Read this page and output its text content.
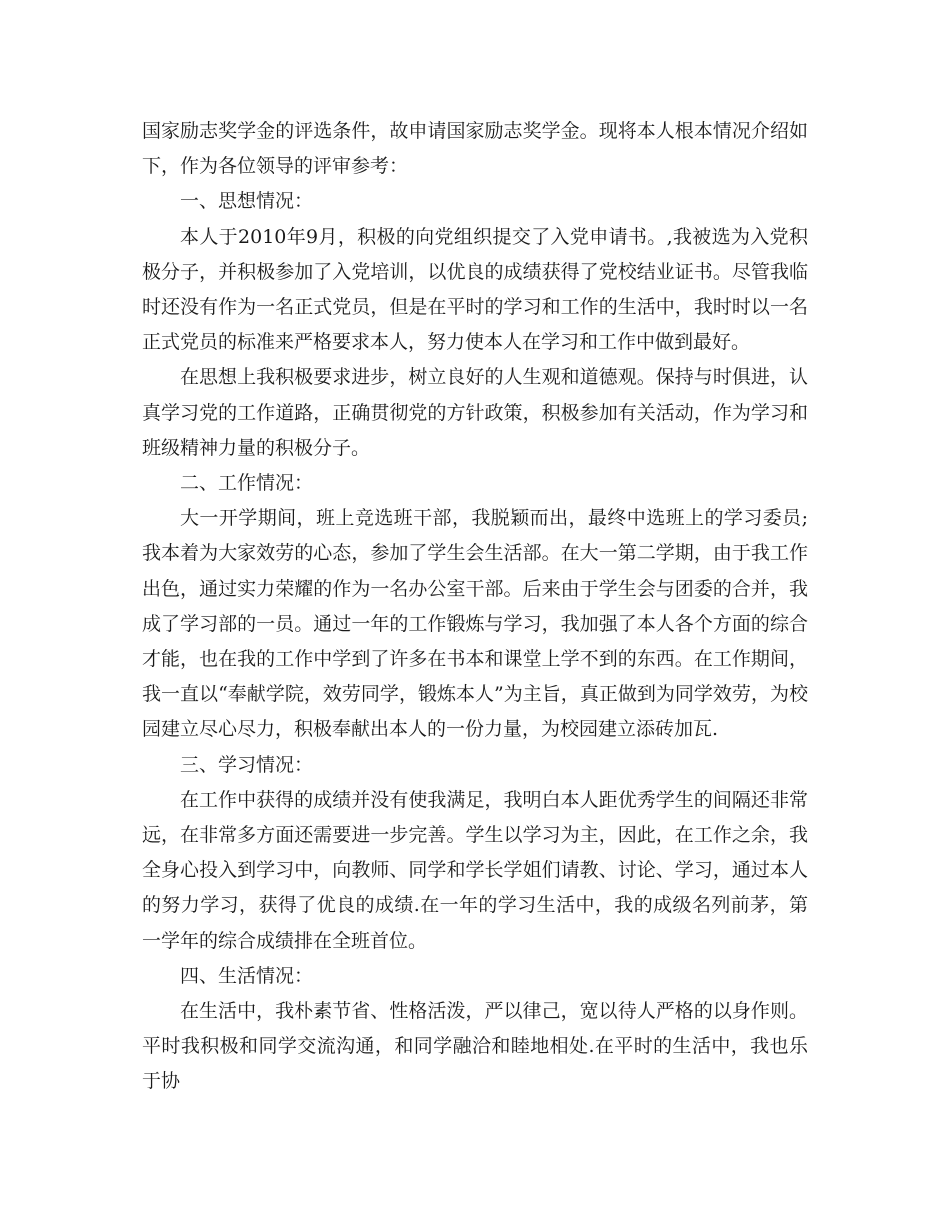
国家励志奖学金的评选条件，故申请国家励志奖学金。现将本人根本情况介绍如下，作为各位领导的评审参考：

一、思想情况：

本人于2010年9月，积极的向党组织提交了入党申请书。,我被选为入党积极分子，并积极参加了入党培训，以优良的成绩获得了党校结业证书。尽管我临时还没有作为一名正式党员，但是在平时的学习和工作的生活中，我时时以一名正式党员的标准来严格要求本人，努力使本人在学习和工作中做到最好。

在思想上我积极要求进步，树立良好的人生观和道德观。保持与时俱进，认真学习党的工作道路，正确贯彻党的方针政策，积极参加有关活动，作为学习和班级精神力量的积极分子。

二、工作情况：

大一开学期间，班上竞选班干部，我脱颖而出，最终中选班上的学习委员;我本着为大家效劳的心态，参加了学生会生活部。在大一第二学期，由于我工作出色，通过实力荣耀的作为一名办公室干部。后来由于学生会与团委的合并，我成了学习部的一员。通过一年的工作锻炼与学习，我加强了本人各个方面的综合才能，也在我的工作中学到了许多在书本和课堂上学不到的东西。在工作期间，我一直以“奉献学院，效劳同学，锻炼本人”为主旨，真正做到为同学效劳，为校园建立尽心尽力，积极奉献出本人的一份力量，为校园建立添砖加瓦.

三、学习情况：

在工作中获得的成绩并没有使我满足，我明白本人距优秀学生的间隔还非常远，在非常多方面还需要进一步完善。学生以学习为主，因此，在工作之余，我全身心投入到学习中，向教师、同学和学长学姐们请教、讨论、学习，通过本人的努力学习，获得了优良的成绩.在一年的学习生活中，我的成级名列前茅，第一学年的综合成绩排在全班首位。

四、生活情况：

在生活中，我朴素节省、性格活泼，严以律己，宽以待人严格的以身作则。平时我积极和同学交流沟通，和同学融洽和睦地相处.在平时的生活中，我也乐于协
